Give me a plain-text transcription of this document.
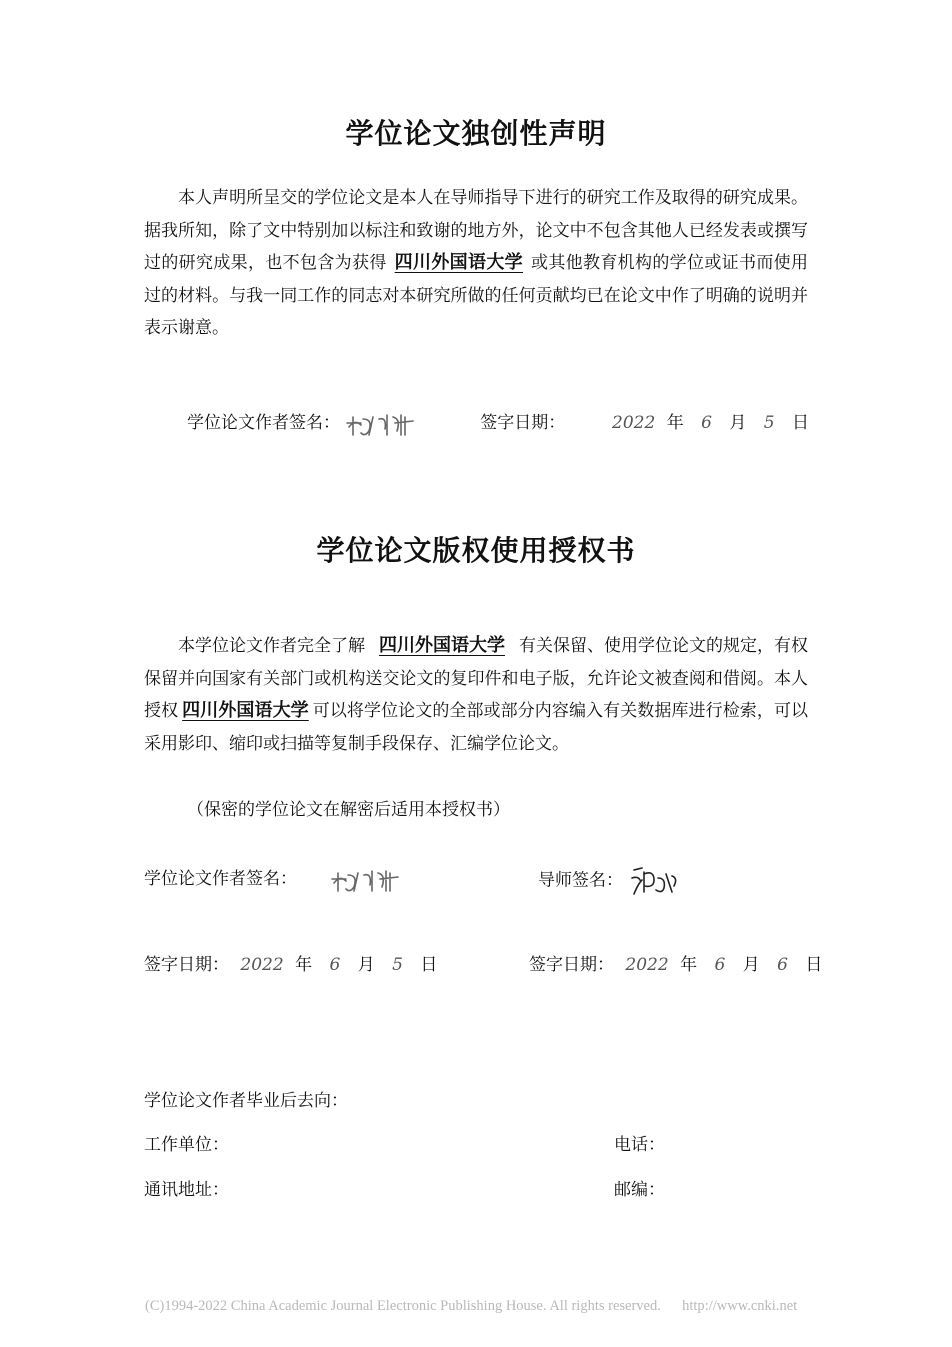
学位论文独创性声明

本人声明所呈交的学位论文是本人在导师指导下进行的研究工作及取得的研究成果。据我所知，除了文中特别加以标注和致谢的地方外，论文中不包含其他人已经发表或撰写过的研究成果，也不包含为获得 四川外国语大学 或其他教育机构的学位或证书而使用过的材料。与我一同工作的同志对本研究所做的任何贡献均已在论文中作了明确的说明并表示谢意。

学位论文作者签名：	签字日期：	2022 年 6 月 5 日
学位论文版权使用授权书

本学位论文作者完全了解 四川外国语大学 有关保留、使用学位论文的规定，有权保留并向国家有关部门或机构送交论文的复印件和电子版，允许论文被查阅和借阅。本人授权 四川外国语大学 可以将学位论文的全部或部分内容编入有关数据库进行检索，可以采用影印、缩印或扫描等复制手段保存、汇编学位论文。

（保密的学位论文在解密后适用本授权书）

学位论文作者签名：	导师签名：
签字日期： 2022 年 6 月 5 日	签字日期： 2022 年 6 月 6 日

学位论文作者毕业后去向：

工作单位：	电话：

通讯地址：	邮编：

(C)1994-2022 China Academic Journal Electronic Publishing House. All rights reserved. http://www.cnki.net
